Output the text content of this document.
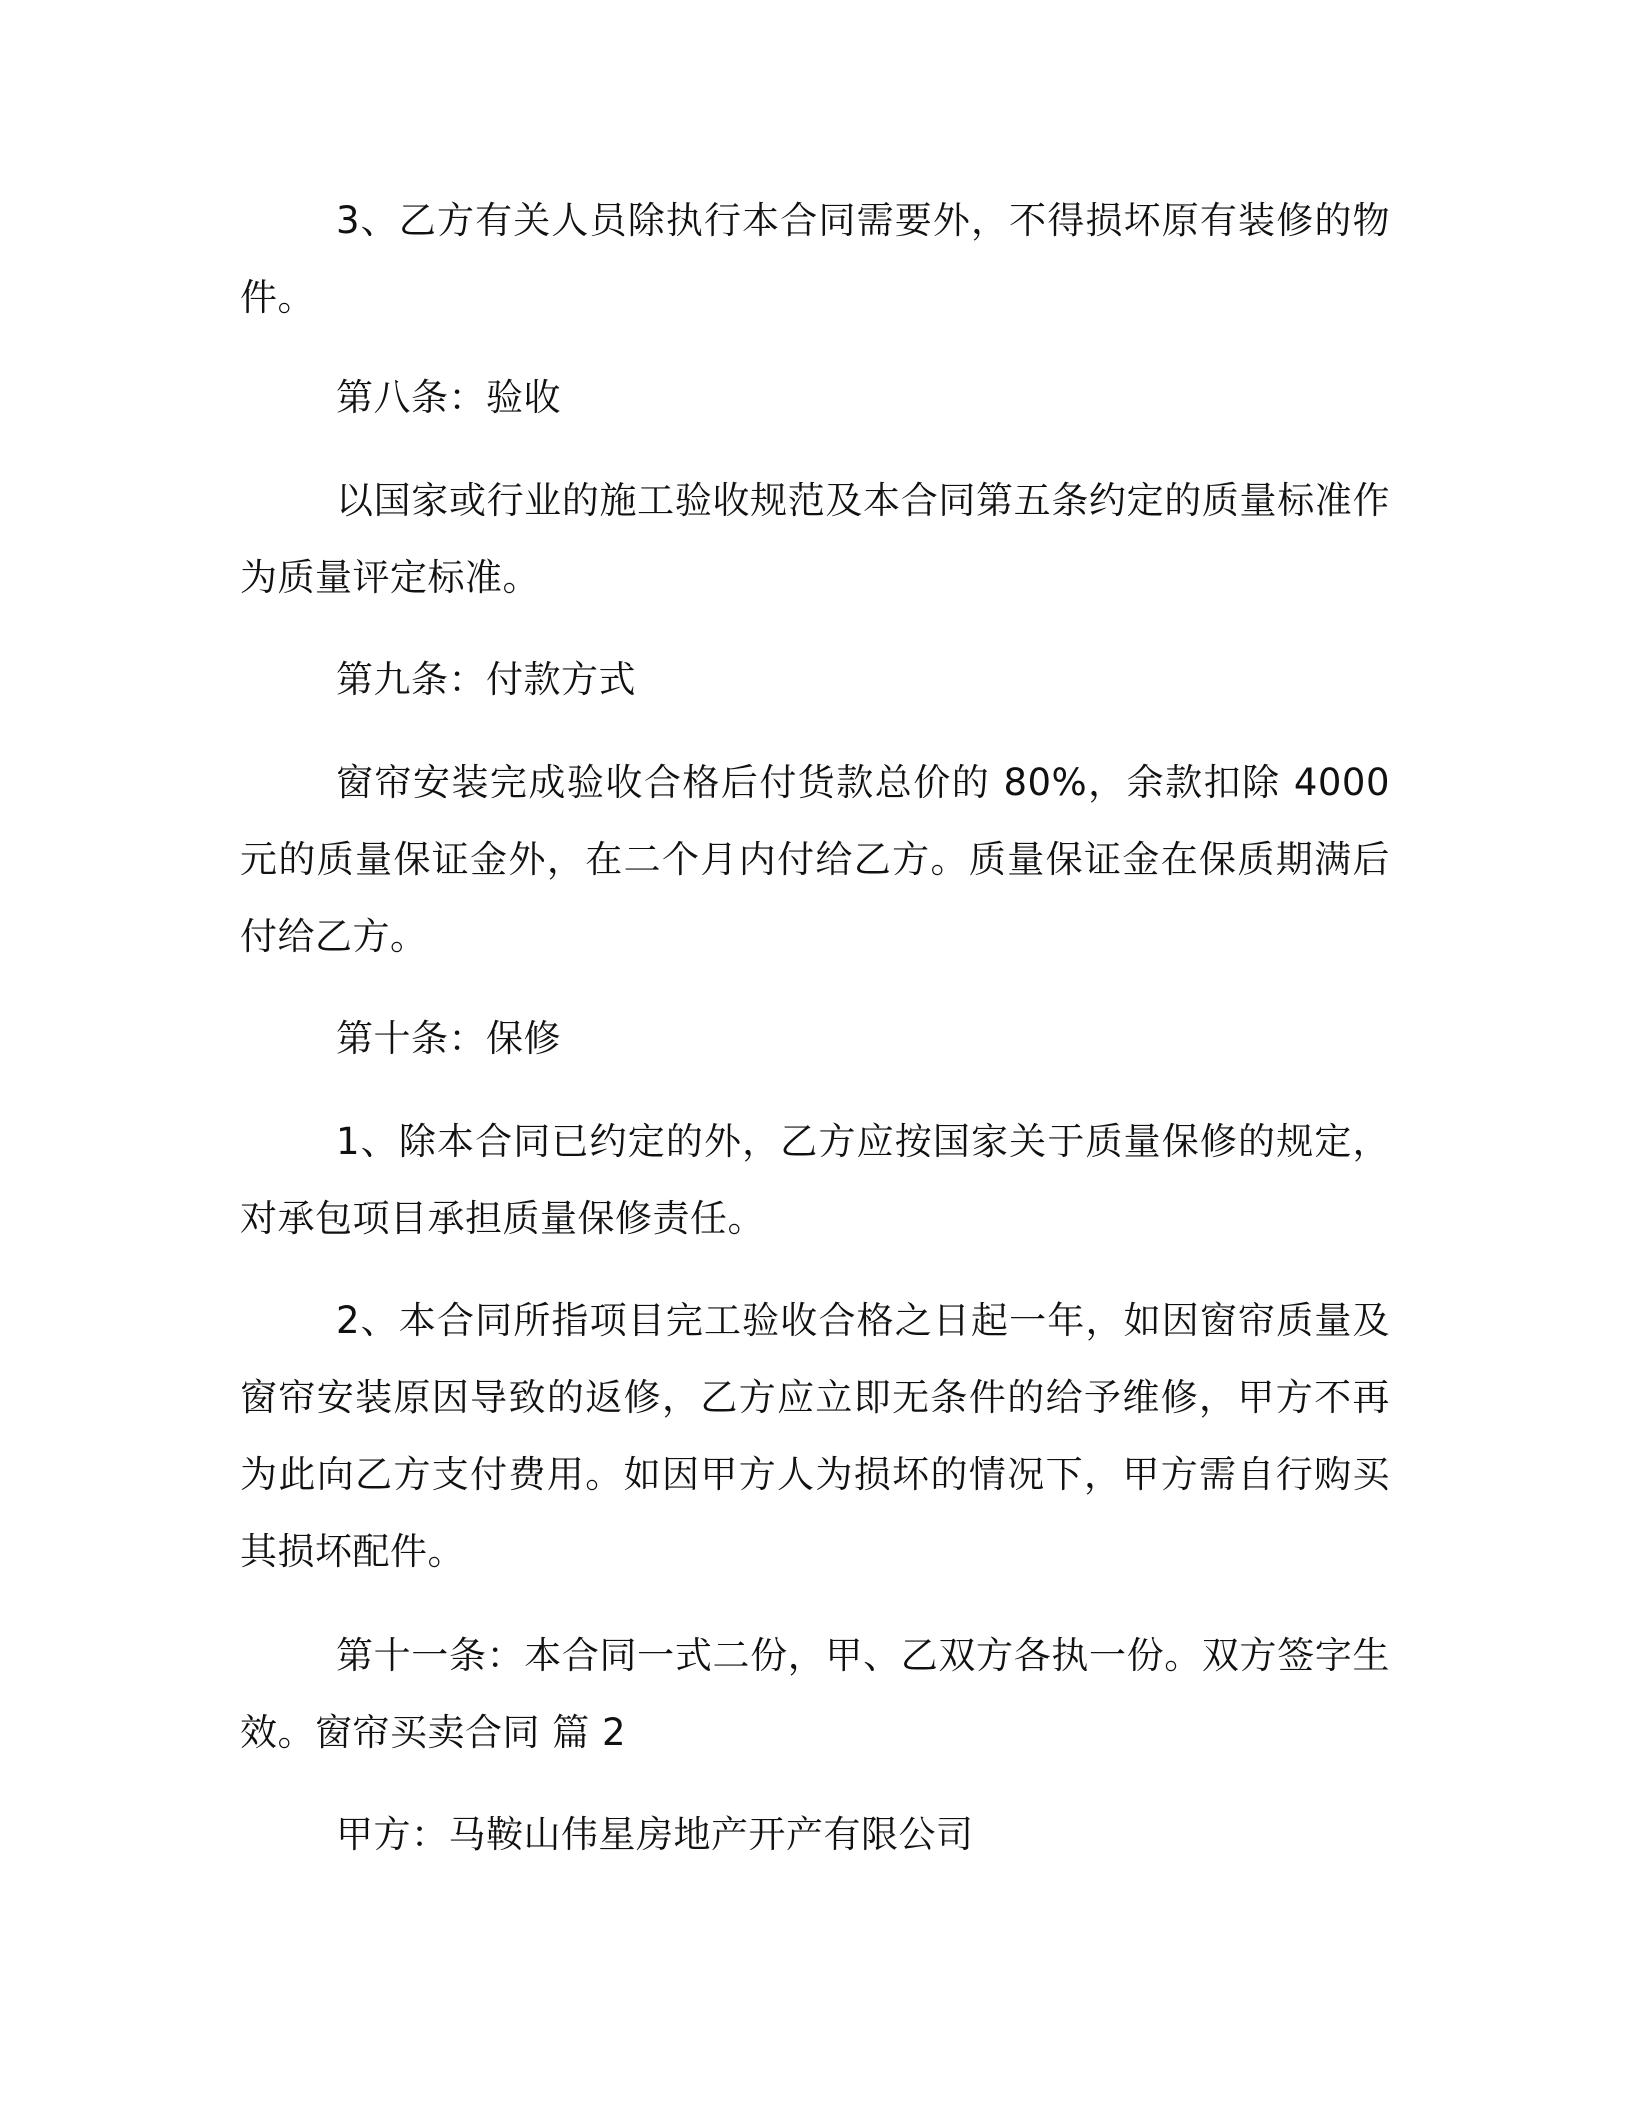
3、乙方有关人员除执行本合同需要外，不得损坏原有装修的物件。

第八条：验收

以国家或行业的施工验收规范及本合同第五条约定的质量标准作为质量评定标准。

第九条：付款方式

窗帘安装完成验收合格后付货款总价的 80%，余款扣除 4000 元的质量保证金外，在二个月内付给乙方。质量保证金在保质期满后付给乙方。

第十条：保修

1、除本合同已约定的外，乙方应按国家关于质量保修的规定，对承包项目承担质量保修责任。

2、本合同所指项目完工验收合格之日起一年，如因窗帘质量及窗帘安装原因导致的返修，乙方应立即无条件的给予维修，甲方不再为此向乙方支付费用。如因甲方人为损坏的情况下，甲方需自行购买其损坏配件。

第十一条：本合同一式二份，甲、乙双方各执一份。双方签字生效。窗帘买卖合同 篇 2

甲方：马鞍山伟星房地产开产有限公司
